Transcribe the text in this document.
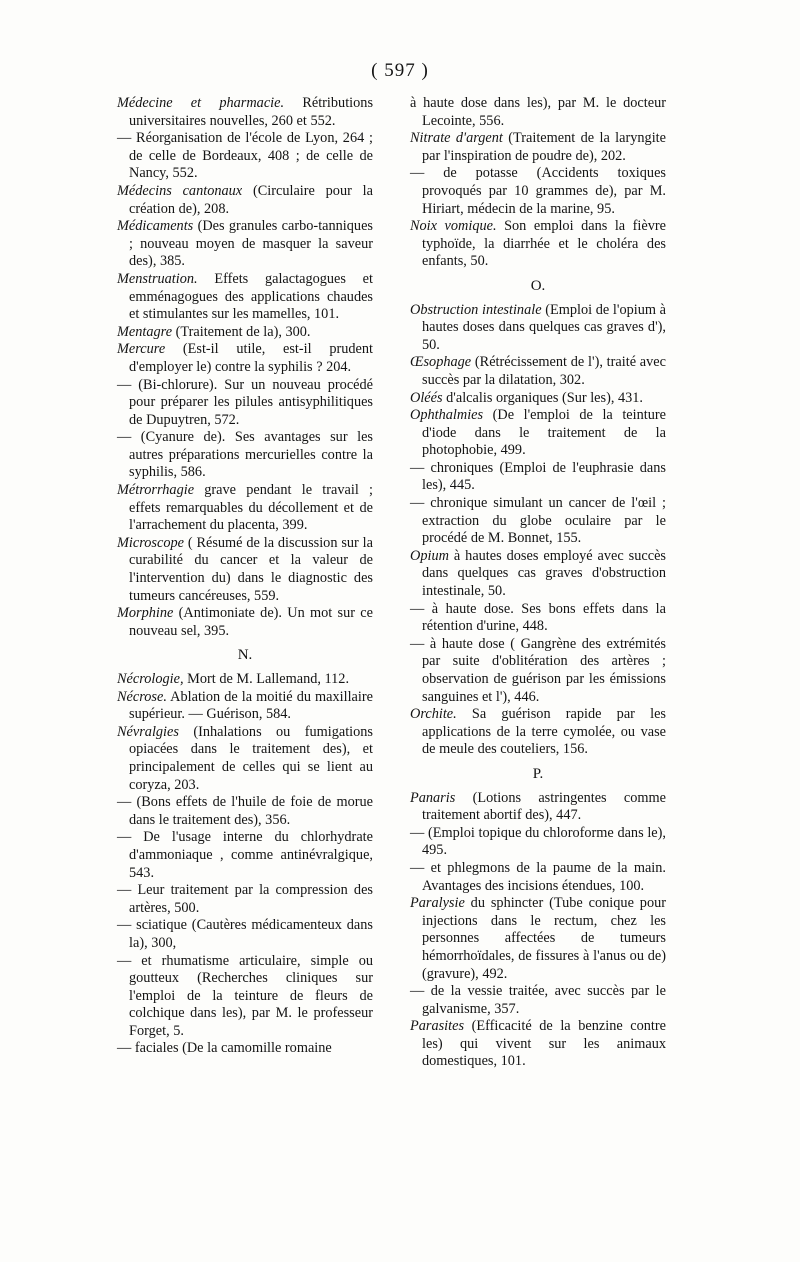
( 597 )

Médecine et pharmacie. Rétributions universitaires nouvelles, 260 et 552.

— Réorganisation de l'école de Lyon, 264 ; de celle de Bordeaux, 408 ; de celle de Nancy, 552.

Médecins cantonaux (Circulaire pour la création de), 208.

Médicaments (Des granules carbo-tanniques ; nouveau moyen de masquer la saveur des), 385.

Menstruation. Effets galactagogues et emménagogues des applications chaudes et stimulantes sur les mamelles, 101.

Mentagre (Traitement de la), 300.

Mercure (Est-il utile, est-il prudent d'employer le) contre la syphilis ? 204.

— (Bi-chlorure). Sur un nouveau procédé pour préparer les pilules antisyphilitiques de Dupuytren, 572.

— (Cyanure de). Ses avantages sur les autres préparations mercurielles contre la syphilis, 586.

Métrorrhagie grave pendant le travail ; effets remarquables du décollement et de l'arrachement du placenta, 399.

Microscope ( Résumé de la discussion sur la curabilité du cancer et la valeur de l'intervention du) dans le diagnostic des tumeurs cancéreuses, 559.

Morphine (Antimoniate de). Un mot sur ce nouveau sel, 395.

N.

Nécrologie, Mort de M. Lallemand, 112.

Nécrose. Ablation de la moitié du maxillaire supérieur. — Guérison, 584.

Névralgies (Inhalations ou fumigations opiacées dans le traitement des), et principalement de celles qui se lient au coryza, 203.

— (Bons effets de l'huile de foie de morue dans le traitement des), 356.

— De l'usage interne du chlorhydrate d'ammoniaque , comme antinévralgique, 543.

— Leur traitement par la compression des artères, 500.

— sciatique (Cautères médicamenteux dans la), 300,

— et rhumatisme articulaire, simple ou goutteux (Recherches cliniques sur l'emploi de la teinture de fleurs de colchique dans les), par M. le professeur Forget, 5.

— faciales (De la camomille romaine

à haute dose dans les), par M. le docteur Lecointe, 556.

Nitrate d'argent (Traitement de la laryngite par l'inspiration de poudre de), 202.

— de potasse (Accidents toxiques provoqués par 10 grammes de), par M. Hiriart, médecin de la marine, 95.

Noix vomique. Son emploi dans la fièvre typhoïde, la diarrhée et le choléra des enfants, 50.

O.

Obstruction intestinale (Emploi de l'opium à hautes doses dans quelques cas graves d'), 50.

Œsophage (Rétrécissement de l'), traité avec succès par la dilatation, 302.

Oléés d'alcalis organiques (Sur les), 431.

Ophthalmies (De l'emploi de la teinture d'iode dans le traitement de la photophobie, 499.

— chroniques (Emploi de l'euphrasie dans les), 445.

— chronique simulant un cancer de l'œil ; extraction du globe oculaire par le procédé de M. Bonnet, 155.

Opium à hautes doses employé avec succès dans quelques cas graves d'obstruction intestinale, 50.

— à haute dose. Ses bons effets dans la rétention d'urine, 448.

— à haute dose ( Gangrène des extrémités par suite d'oblitération des artères ; observation de guérison par les émissions sanguines et l'), 446.

Orchite. Sa guérison rapide par les applications de la terre cymolée, ou vase de meule des couteliers, 156.

P.

Panaris (Lotions astringentes comme traitement abortif des), 447.

— (Emploi topique du chloroforme dans le), 495.

— et phlegmons de la paume de la main. Avantages des incisions étendues, 100.

Paralysie du sphincter (Tube conique pour injections dans le rectum, chez les personnes affectées de tumeurs hémorrhoïdales, de fissures à l'anus ou de) (gravure), 492.

— de la vessie traitée, avec succès par le galvanisme, 357.

Parasites (Efficacité de la benzine contre les) qui vivent sur les animaux domestiques, 101.
